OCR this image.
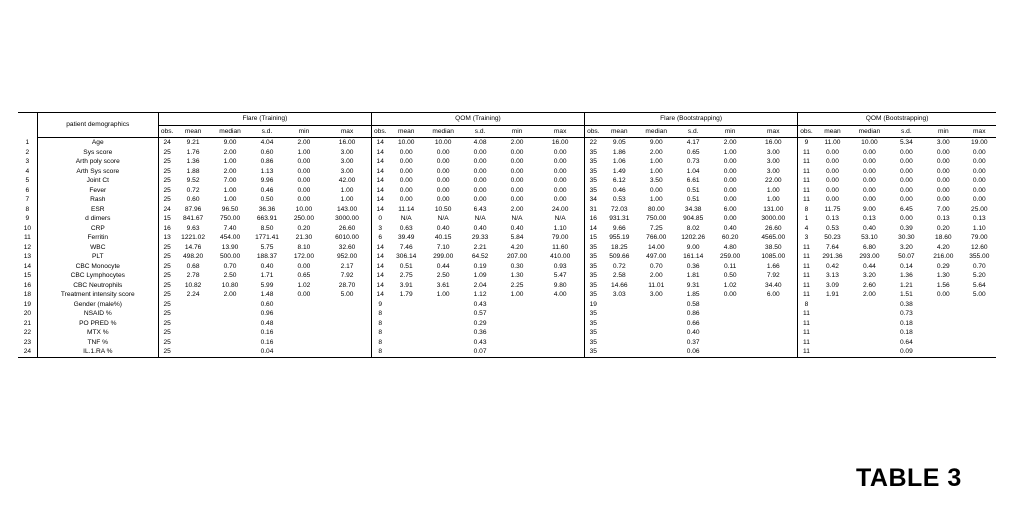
	patient demographics	Flare (Training)						QOM (Training)						Flare (Bootstrapping)						QOM (Bootstrapping)					
		obs.	mean	median	s.d.	min	max	obs.	mean	median	s.d.	min	max	obs.	mean	median	s.d.	min	max	obs.	mean	median	s.d.	min	max
1	Age	24	9.21	9.00	4.04	2.00	16.00	14	10.00	10.00	4.08	2.00	16.00	22	9.05	9.00	4.17	2.00	16.00	9	11.00	10.00	5.34	3.00	19.00
2	Sys score	25	1.76	2.00	0.60	1.00	3.00	14	0.00	0.00	0.00	0.00	0.00	35	1.86	2.00	0.65	1.00	3.00	11	0.00	0.00	0.00	0.00	0.00
3	Arth poly score	25	1.36	1.00	0.86	0.00	3.00	14	0.00	0.00	0.00	0.00	0.00	35	1.06	1.00	0.73	0.00	3.00	11	0.00	0.00	0.00	0.00	0.00
4	Arth Sys score	25	1.88	2.00	1.13	0.00	3.00	14	0.00	0.00	0.00	0.00	0.00	35	1.49	1.00	1.04	0.00	3.00	11	0.00	0.00	0.00	0.00	0.00
5	Joint Ct	25	9.52	7.00	9.96	0.00	42.00	14	0.00	0.00	0.00	0.00	0.00	35	6.12	3.50	6.61	0.00	22.00	11	0.00	0.00	0.00	0.00	0.00
6	Fever	25	0.72	1.00	0.46	0.00	1.00	14	0.00	0.00	0.00	0.00	0.00	35	0.46	0.00	0.51	0.00	1.00	11	0.00	0.00	0.00	0.00	0.00
7	Rash	25	0.60	1.00	0.50	0.00	1.00	14	0.00	0.00	0.00	0.00	0.00	34	0.53	1.00	0.51	0.00	1.00	11	0.00	0.00	0.00	0.00	0.00
8	ESR	24	87.96	96.50	36.36	10.00	143.00	14	11.14	10.50	6.43	2.00	24.00	31	72.03	80.00	34.38	6.00	131.00	8	11.75	9.00	6.45	7.00	25.00
9	d dimers	15	841.67	750.00	663.91	250.00	3000.00	0	N/A	N/A	N/A	N/A	N/A	16	931.31	750.00	904.85	0.00	3000.00	1	0.13	0.13	0.00	0.13	0.13
10	CRP	16	9.63	7.40	8.50	0.20	26.60	3	0.63	0.40	0.40	0.40	1.10	14	9.66	7.25	8.02	0.40	26.60	4	0.53	0.40	0.39	0.20	1.10
11	Ferritin	13	1221.02	454.00	1771.41	21.30	6010.00	6	39.49	40.15	29.33	5.84	79.00	15	955.19	766.00	1202.26	60.20	4565.00	3	50.23	53.10	30.30	18.60	79.00
12	WBC	25	14.76	13.90	5.75	8.10	32.60	14	7.46	7.10	2.21	4.20	11.60	35	18.25	14.00	9.00	4.80	38.50	11	7.64	6.80	3.20	4.20	12.60
13	PLT	25	498.20	500.00	188.37	172.00	952.00	14	306.14	299.00	64.52	207.00	410.00	35	509.66	497.00	161.14	259.00	1085.00	11	291.36	293.00	50.07	216.00	355.00
14	CBC Monocyte	25	0.68	0.70	0.40	0.00	2.17	14	0.51	0.44	0.19	0.30	0.93	35	0.72	0.70	0.36	0.11	1.66	11	0.42	0.44	0.14	0.29	0.70
15	CBC Lymphocytes	25	2.78	2.50	1.71	0.65	7.92	14	2.75	2.50	1.09	1.30	5.47	35	2.58	2.00	1.81	0.50	7.92	11	3.13	3.20	1.36	1.30	5.20
16	CBC Neutrophils	25	10.82	10.80	5.99	1.02	28.70	14	3.91	3.61	2.04	2.25	9.80	35	14.66	11.01	9.31	1.02	34.40	11	3.09	2.60	1.21	1.56	5.64
18	Treatment intensity score	25	2.24	2.00	1.48	0.00	5.00	14	1.79	1.00	1.12	1.00	4.00	35	3.03	3.00	1.85	0.00	6.00	11	1.91	2.00	1.51	0.00	5.00
19	Gender (male%)	25			0.60			9			0.43			19			0.58			8			0.38		
20	NSAID %	25			0.96			8			0.57			35			0.86			11			0.73		
21	PO PRED %	25			0.48			8			0.29			35			0.66			11			0.18		
22	MTX %	25			0.16			8			0.36			35			0.40			11			0.18		
23	TNF %	25			0.16			8			0.43			35			0.37			11			0.64		
24	IL.1.RA %	25			0.04			8			0.07			35			0.06			11			0.09		
TABLE 3
